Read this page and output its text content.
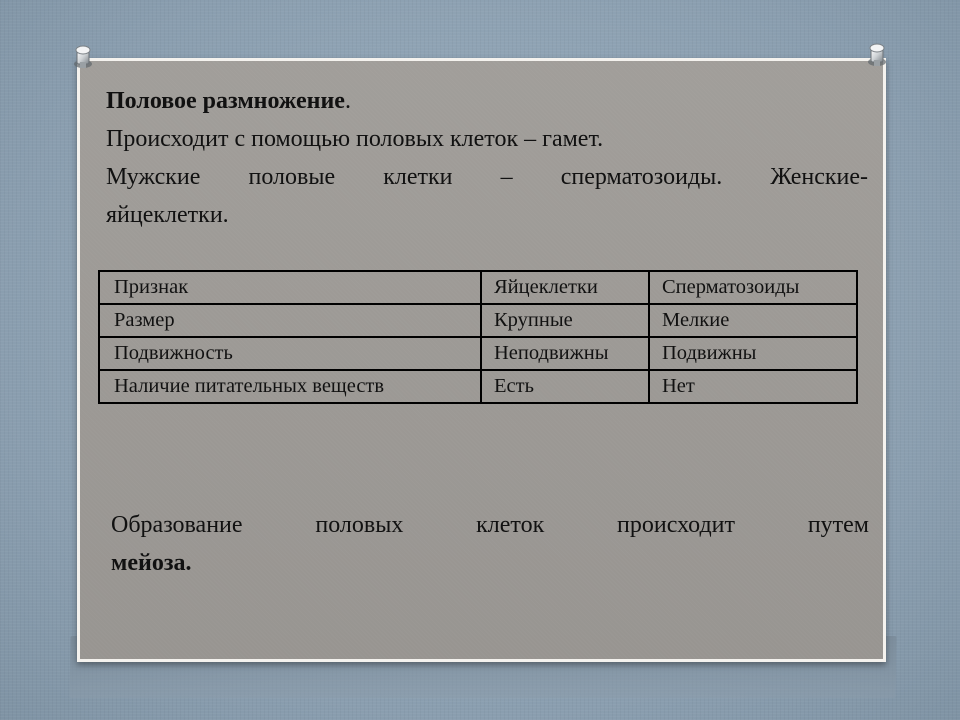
Половое размножение.

Происходит с помощью половых клеток – гамет.

Мужские половые клетки – сперматозоиды. Женские-

яйцеклетки.

Признак	Яйцеклетки	Сперматозоиды
Размер	Крупные	Мелкие
Подвижность	Неподвижны	Подвижны
Наличие питательных веществ	Есть	Нет
Образование половых клеток происходит путем
мейоза.
